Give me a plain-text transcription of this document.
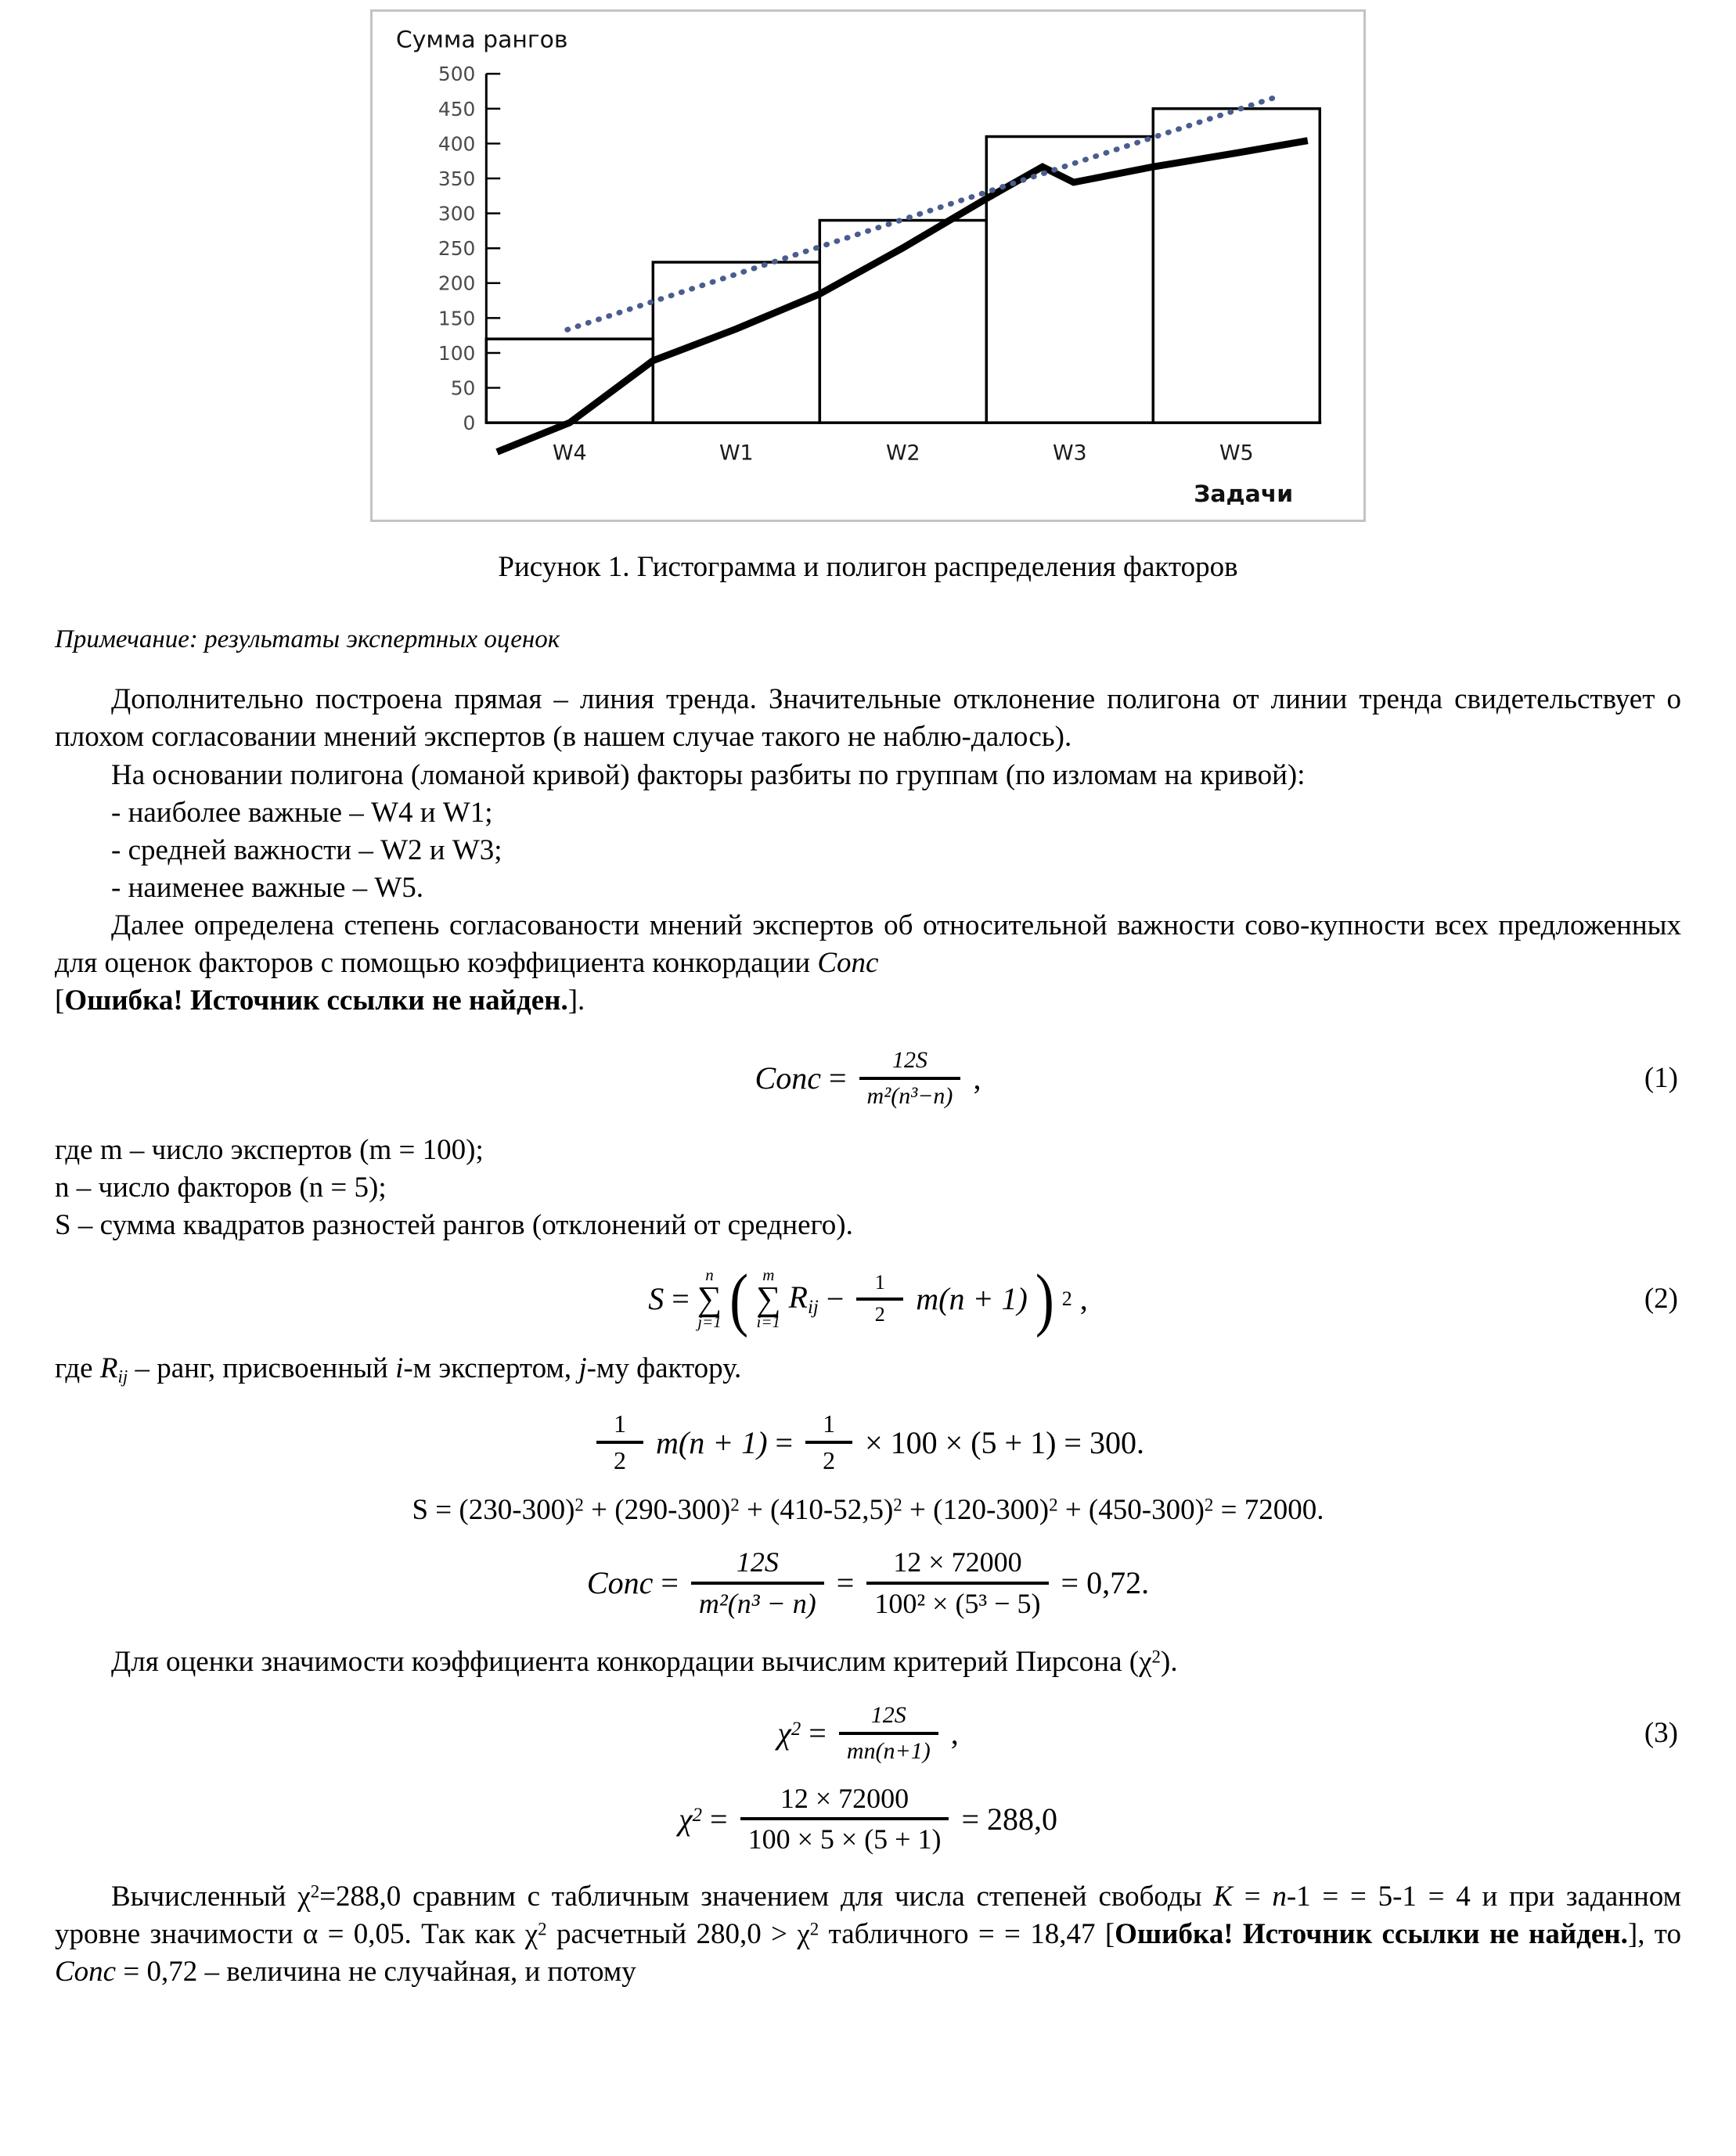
Сумма рангов
500
450
400
350
300
250
200
150
100
50
0
W4	W1	W2	W3	W5
Задачи
Рисунок 1. Гистограмма и полигон распределения факторов
Примечание: результаты экспертных оценок

Дополнительно построена прямая – линия тренда. Значительные отклонение полигона от линии тренда свидетельствует о плохом согласовании мнений экспертов (в нашем случае такого не наблю-далось).

На основании полигона (ломаной кривой) факторы разбиты по группам (по изломам на кривой):

- наиболее важные – W4 и W1;

- средней важности – W2 и W3;

- наименее важные – W5.

Далее определена степень согласованости мнений экспертов об относительной важности сово-купности всех предложенных для оценок факторов с помощью коэффициента конкордации Conc
[Ошибка! Источник ссылки не найден.].

Conc = $\frac{12S}{\text{m²(n³−n)}}$ ,	(1)

где m – число экспертов (m = 100);

n – число факторов (n = 5);

S – сумма квадратов разностей рангов (отклонений от среднего).

S =
n
∑
j=1 ( m
∑
i=1
$R_{ij} - \frac{1}{2} m(n + 1)$ ) 2 ,	(2)

где $R_{ij}$ – ранг, присвоенный i-м экспертом, j-му фактору.

$\frac{1}{2} m(n + 1) = \frac{1}{2} \times 100 \times (5 + 1) = 300$.
$S = (230-300)^2 + (290-300)^2 + (410-52,5)^2 + (120-300)^2 + (450-300)^2 = 72000$.
Conc = $\frac{12S}{\text{m²(n³ − n)}} = \frac{12 \times 72000}{\text{100² × (5³ − 5)}} = 0,72$.

Для оценки значимости коэффициента конкордации вычислим критерий Пирсона $(\chi^2)$.

$\chi^2 = \frac{12S}{mn(n+1)}$ ,	(3)
$\chi^2 = \frac{12 \times 72000}{100 \times 5 \times (5 + 1)} = 288,0$

Вычисленный $\chi^2=288,0$ сравним с табличным значением для числа степеней свободы K = n-1 = = 5-1 = 4 и при заданном уровне значимости α = 0,05. Так как $\chi^2$ расчетный $280,0 > \chi^2$ табличного = = 18,47 [Ошибка! Источник ссылки не найден.], то Conc = 0,72 – величина не случайная, и потому
